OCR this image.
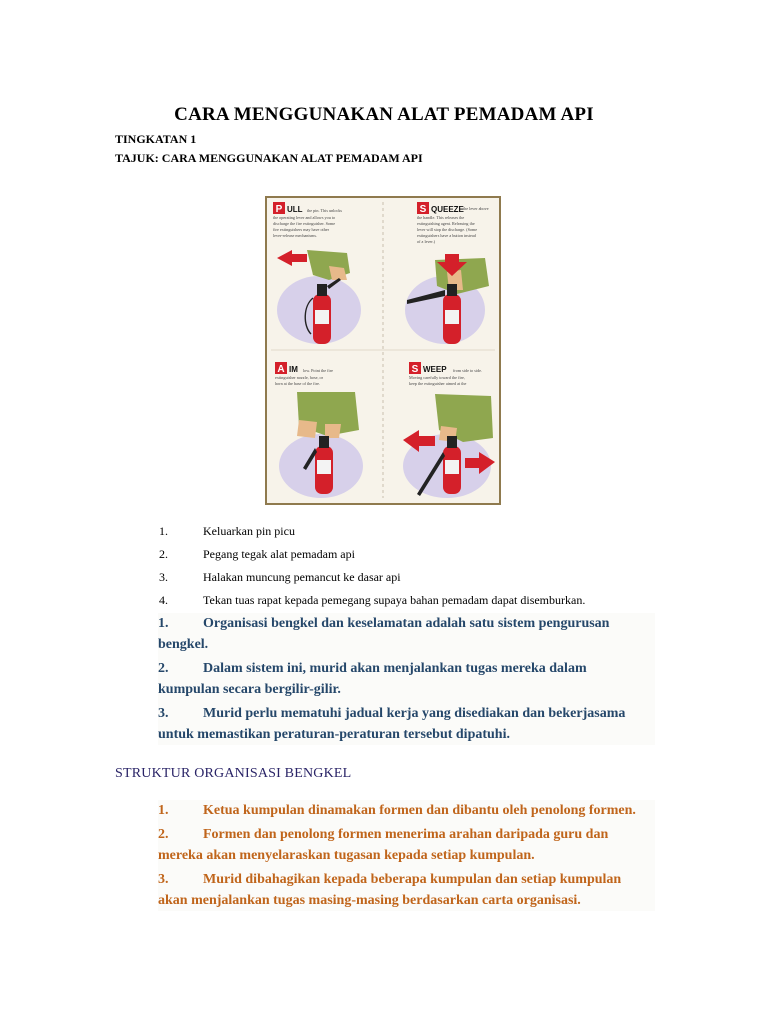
CARA MENGGUNAKAN ALAT PEMADAM API
TINGKATAN 1
TAJUK: CARA MENGGUNAKAN ALAT PEMADAM API
P ULL	the pin. This unlocks the operating lever and allows you to discharge the fire extinguisher. Some fire extinguishers may have other lever-release mechanisms.
S QUEEZE the lever above the handle. This releases the extinguishing agent. Releasing the lever will stop the discharge. (Some extinguishers have a button instead of a lever.)
A IM	low. Point the fire extinguisher nozzle, hose, or horn at the base of the fire.
S WEEP	from side to side. Moving carefully toward the fire, keep the extinguisher aimed at the
1.	Keluarkan pin picu
2.	Pegang tegak alat pemadam api
3.	Halakan muncung pemancut ke dasar api
4.	Tekan tuas rapat kepada pemegang supaya bahan pemadam dapat disemburkan.
1. Organisasi bengkel dan keselamatan adalah satu sistem pengurusan
bengkel.
2. Dalam sistem ini, murid akan menjalankan tugas mereka dalam
kumpulan secara bergilir-gilir.
3. Murid perlu mematuhi jadual kerja yang disediakan dan bekerjasama
untuk memastikan peraturan-peraturan tersebut dipatuhi.
STRUKTUR ORGANISASI BENGKEL
1. Ketua kumpulan dinamakan formen dan dibantu oleh penolong formen.
2. Formen dan penolong formen menerima arahan daripada guru dan
mereka akan menyelaraskan tugasan kepada setiap kumpulan.
3. Murid dibahagikan kepada beberapa kumpulan dan setiap kumpulan
akan menjalankan tugas masing-masing berdasarkan carta organisasi.
